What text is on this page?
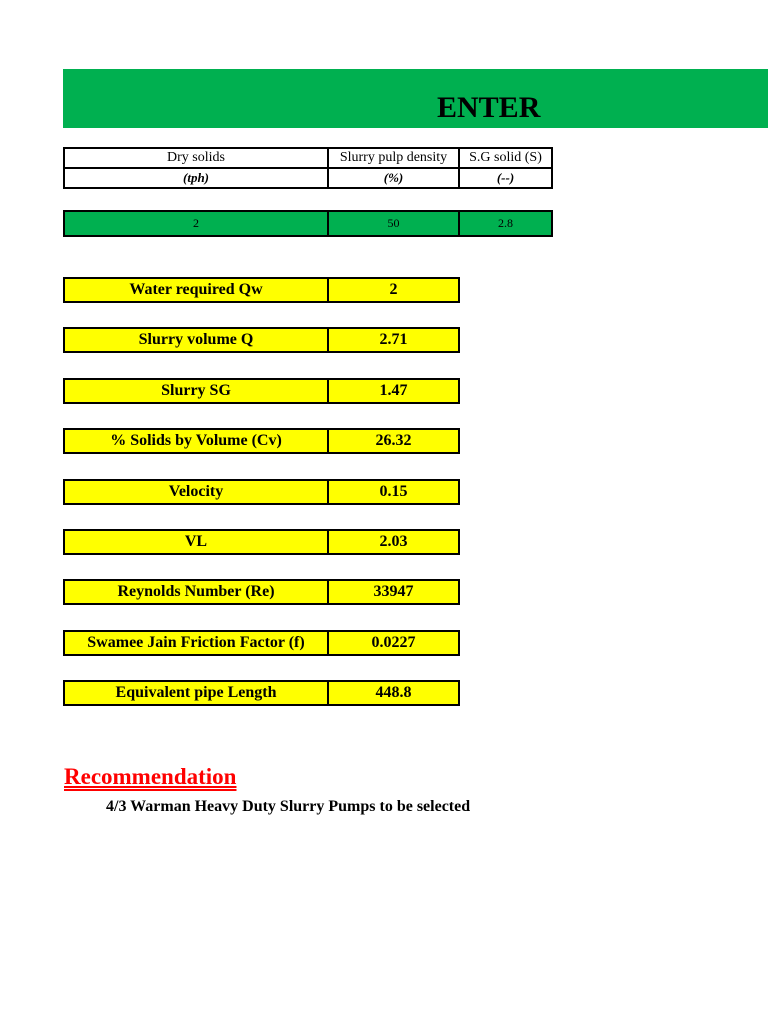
ENTER
Dry solids	Slurry pulp density	S.G solid (S)
(tph)	(%)	(--)
2	50	2.8
Water required Qw	2
Slurry volume Q	2.71
Slurry SG	1.47
% Solids by Volume (Cv)	26.32
Velocity	0.15
VL	2.03
Reynolds Number (Re)	33947
Swamee Jain Friction Factor (f)	0.0227
Equivalent pipe Length	448.8
Recommendation
4/3 Warman Heavy Duty Slurry Pumps to be selected
